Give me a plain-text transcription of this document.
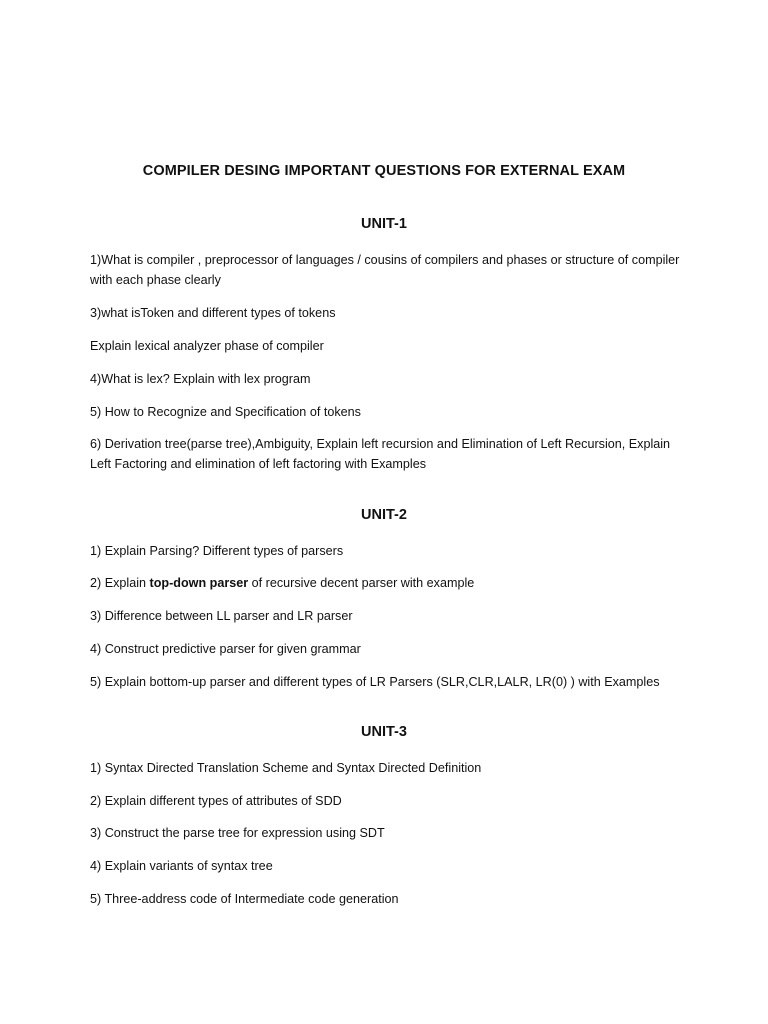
COMPILER DESING IMPORTANT QUESTIONS FOR EXTERNAL EXAM
UNIT-1
1)What is compiler , preprocessor of languages / cousins of compilers and phases or structure of compiler with each phase clearly
3)what isToken and different types of tokens
Explain lexical analyzer phase of compiler
4)What is lex? Explain with lex program
5) How to Recognize and Specification of tokens
6) Derivation tree(parse tree),Ambiguity, Explain left recursion and Elimination of Left Recursion, Explain Left Factoring and elimination of left factoring with Examples
UNIT-2
1) Explain Parsing? Different types of parsers
2) Explain top-down parser of recursive decent parser with example
3) Difference between LL parser and LR parser
4) Construct predictive parser for given grammar
5) Explain bottom-up parser and different types of LR Parsers (SLR,CLR,LALR, LR(0) ) with Examples
UNIT-3
1) Syntax Directed Translation Scheme and Syntax Directed Definition
2) Explain different types of attributes of SDD
3) Construct the parse tree for expression using SDT
4) Explain variants of syntax tree
5) Three-address code of Intermediate code generation
